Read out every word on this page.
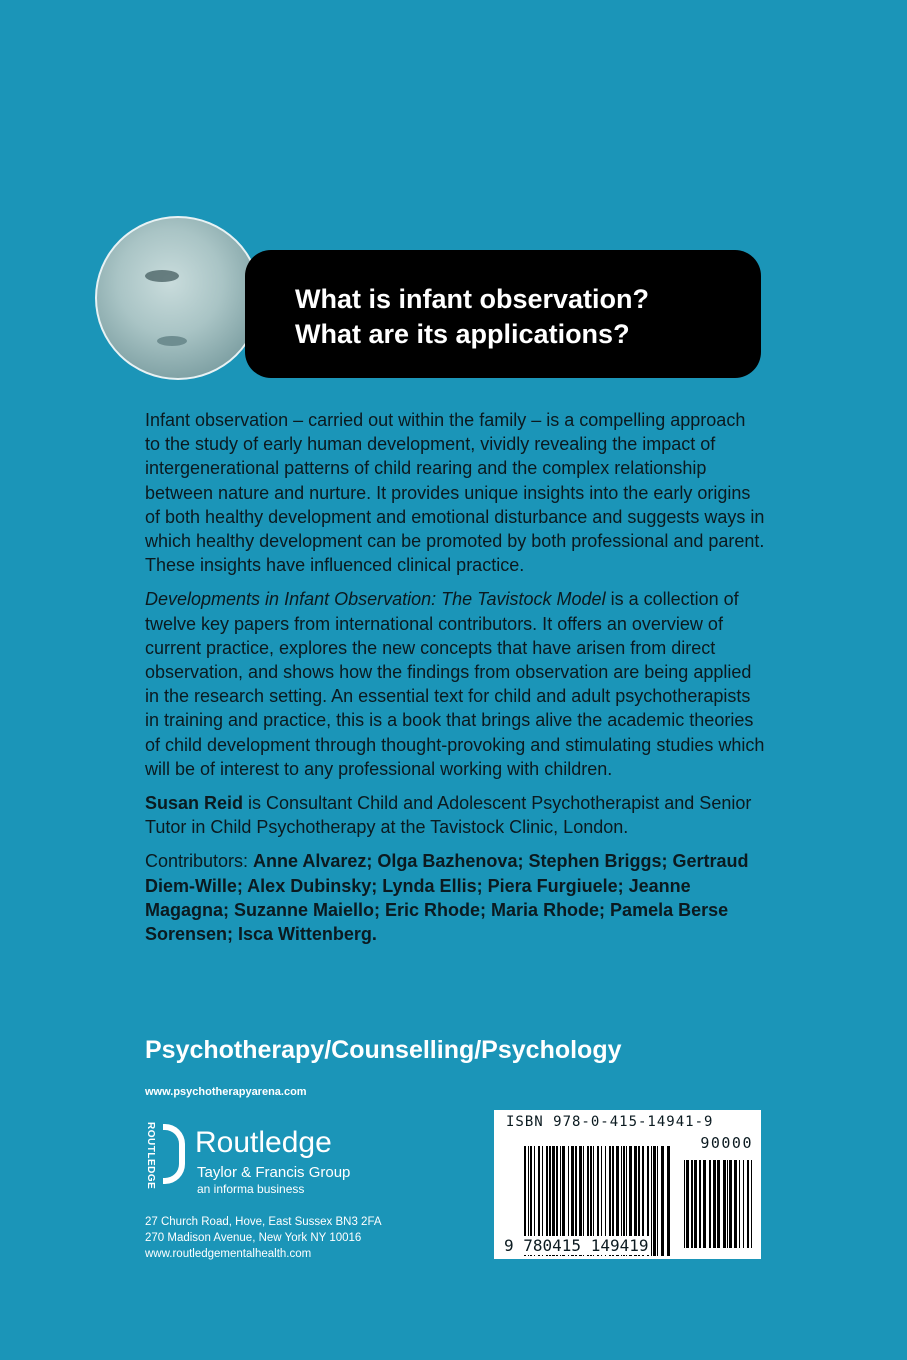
What is infant observation?
What are its applications?

Infant observation – carried out within the family – is a compelling approach to the study of early human development, vividly revealing the impact of intergenerational patterns of child rearing and the complex relationship between nature and nurture. It provides unique insights into the early origins of both healthy development and emotional disturbance and suggests ways in which healthy development can be promoted by both professional and parent. These insights have influenced clinical practice.

Developments in Infant Observation: The Tavistock Model is a collection of twelve key papers from international contributors. It offers an overview of current practice, explores the new concepts that have arisen from direct observation, and shows how the findings from observation are being applied in the research setting. An essential text for child and adult psychotherapists in training and practice, this is a book that brings alive the academic theories of child development through thought-provoking and stimulating studies which will be of interest to any professional working with children.

Susan Reid is Consultant Child and Adolescent Psychotherapist and Senior Tutor in Child Psychotherapy at the Tavistock Clinic, London.

Contributors: Anne Alvarez; Olga Bazhenova; Stephen Briggs; Gertraud Diem-Wille; Alex Dubinsky; Lynda Ellis; Piera Furgiuele; Jeanne Magagna; Suzanne Maiello; Eric Rhode; Maria Rhode; Pamela Berse Sorensen; Isca Wittenberg.

Psychotherapy/Counselling/Psychology
www.psychotherapyarena.com
ROUTLEDGE Routledge
Taylor & Francis Group
an informa business
27 Church Road, Hove, East Sussex BN3 2FA
270 Madison Avenue, New York NY 10016
www.routledgementalhealth.com
ISBN 978-0-415-14941-9
90000
9 780415 149419
